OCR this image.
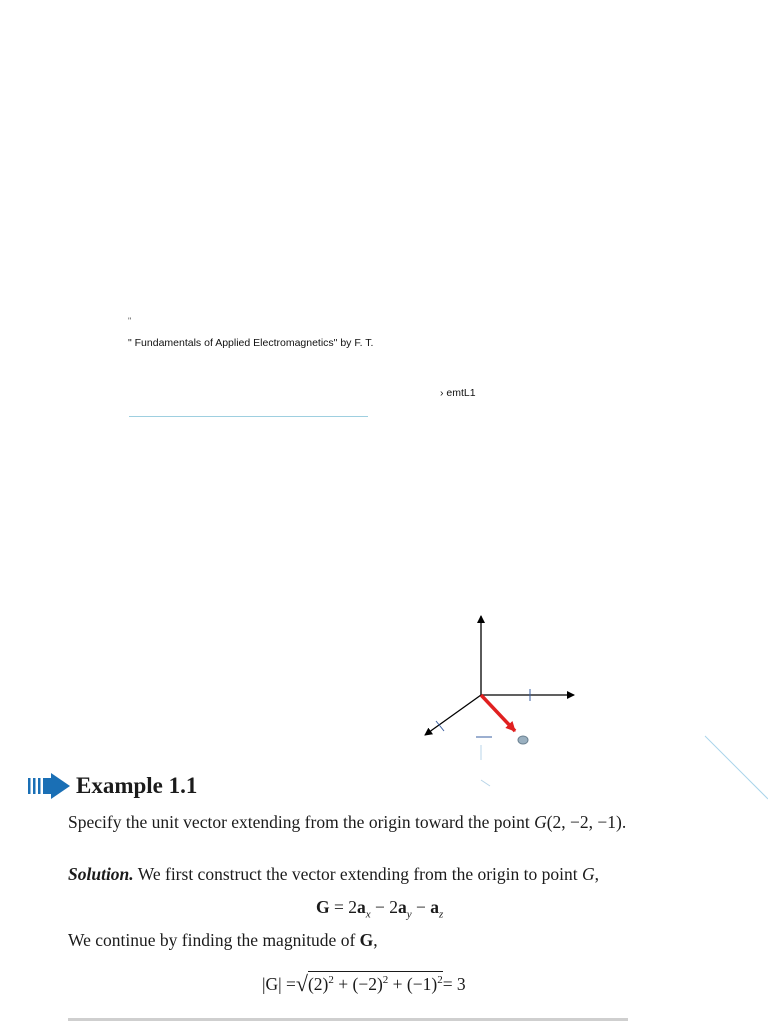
"
" Fundamentals of Applied Electromagnetics" by F. T.
› emtL1
Example 1.1
Specify the unit vector extending from the origin toward the point G(2, −2, −1).
Solution. We first construct the vector extending from the origin to point G,
$G = 2a_x - 2a_y - a_z$
We continue by finding the magnitude of G,
|G| = √ $(2)^2 + (-2)^2 + (-1)^2 = 3$
